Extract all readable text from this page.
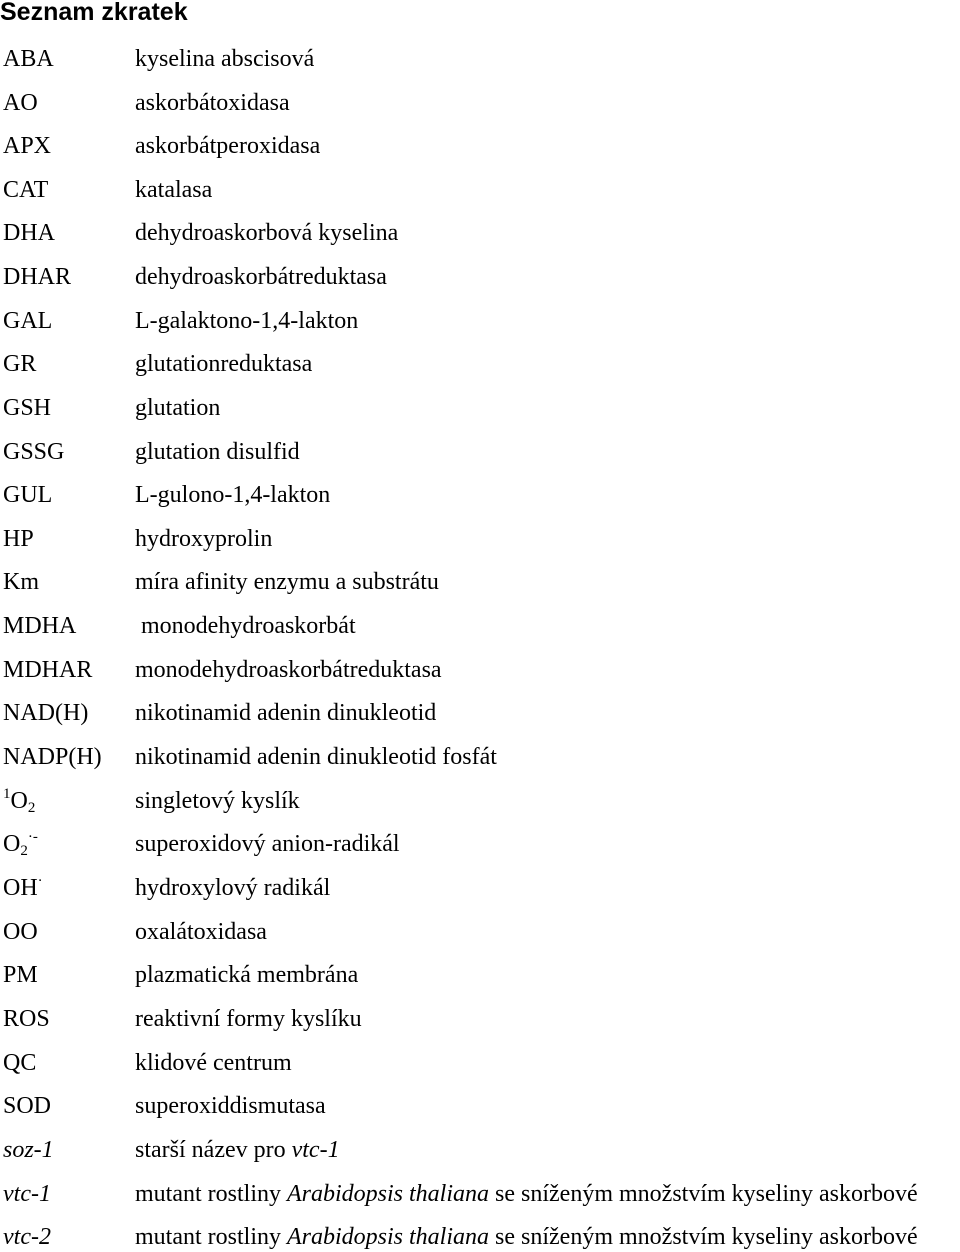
Seznam zkratek
ABA	kyselina abscisová
AO	askorbátoxidasa
APX	askorbátperoxidasa
CAT	katalasa
DHA	dehydroaskorbová kyselina
DHAR	dehydroaskorbátreduktasa
GAL	L-galaktono-1,4-lakton
GR	glutationreduktasa
GSH	glutation
GSSG	glutation disulfid
GUL	L-gulono-1,4-lakton
HP	hydroxyprolin
Km	míra afinity enzymu a substrátu
MDHA	monodehydroaskorbát
MDHAR monodehydroaskorbátreduktasa
NAD(H) nikotinamid adenin dinukleotid
NADP(H) nikotinamid adenin dinukleotid fosfát
$^1O_2$	singletový kyslík
$O_2^{\cdot-}$	superoxidový anion-radikál
OH·	hydroxylový radikál
OO	oxalátoxidasa
PM	plazmatická membrána
ROS	reaktivní formy kyslíku
QC	klidové centrum
SOD	superoxiddismutasa
soz-1	starší název pro vtc-1
vtc-1	mutant rostliny Arabidopsis thaliana se sníženým množstvím kyseliny askorbové
vtc-2	mutant rostliny Arabidopsis thaliana se sníženým množstvím kyseliny askorbové
